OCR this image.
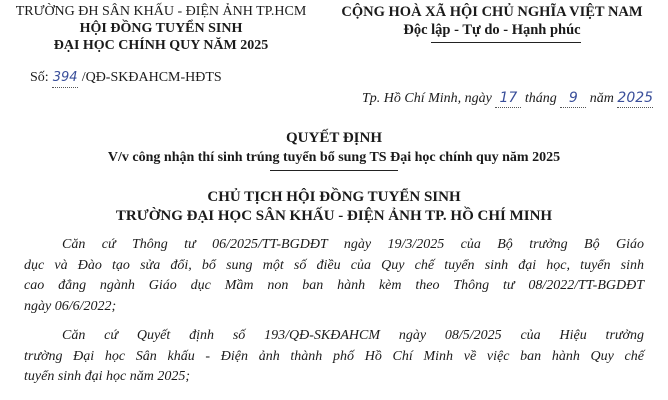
TRƯỜNG ĐH SÂN KHẤU - ĐIỆN ẢNH TP.HCM
HỘI ĐỒNG TUYỂN SINH
ĐẠI HỌC CHÍNH QUY NĂM 2025
CỘNG HOÀ XÃ HỘI CHỦ NGHĨA VIỆT NAM
Độc lập - Tự do - Hạnh phúc
Số: 394 /QĐ-SKĐAHCM-HĐTS
Tp. Hồ Chí Minh, ngày 17 tháng 9 năm 2025
QUYẾT ĐỊNH
V/v công nhận thí sinh trúng tuyển bổ sung TS Đại học chính quy năm 2025
CHỦ TỊCH HỘI ĐỒNG TUYỂN SINH
TRƯỜNG ĐẠI HỌC SÂN KHẤU - ĐIỆN ẢNH TP. HỒ CHÍ MINH
Căn cứ Thông tư 06/2025/TT-BGDĐT ngày 19/3/2025 của Bộ trưởng Bộ Giáo
dục và Đào tạo sửa đổi, bổ sung một số điều của Quy chế tuyển sinh đại học, tuyển sinh
cao đẳng ngành Giáo dục Mầm non ban hành kèm theo Thông tư 08/2022/TT-BGDĐT
ngày 06/6/2022;
Căn cứ Quyết định số 193/QĐ-SKĐAHCM ngày 08/5/2025 của Hiệu trưởng
trường Đại học Sân khấu - Điện ảnh thành phố Hồ Chí Minh về việc ban hành Quy chế
tuyển sinh đại học năm 2025;
